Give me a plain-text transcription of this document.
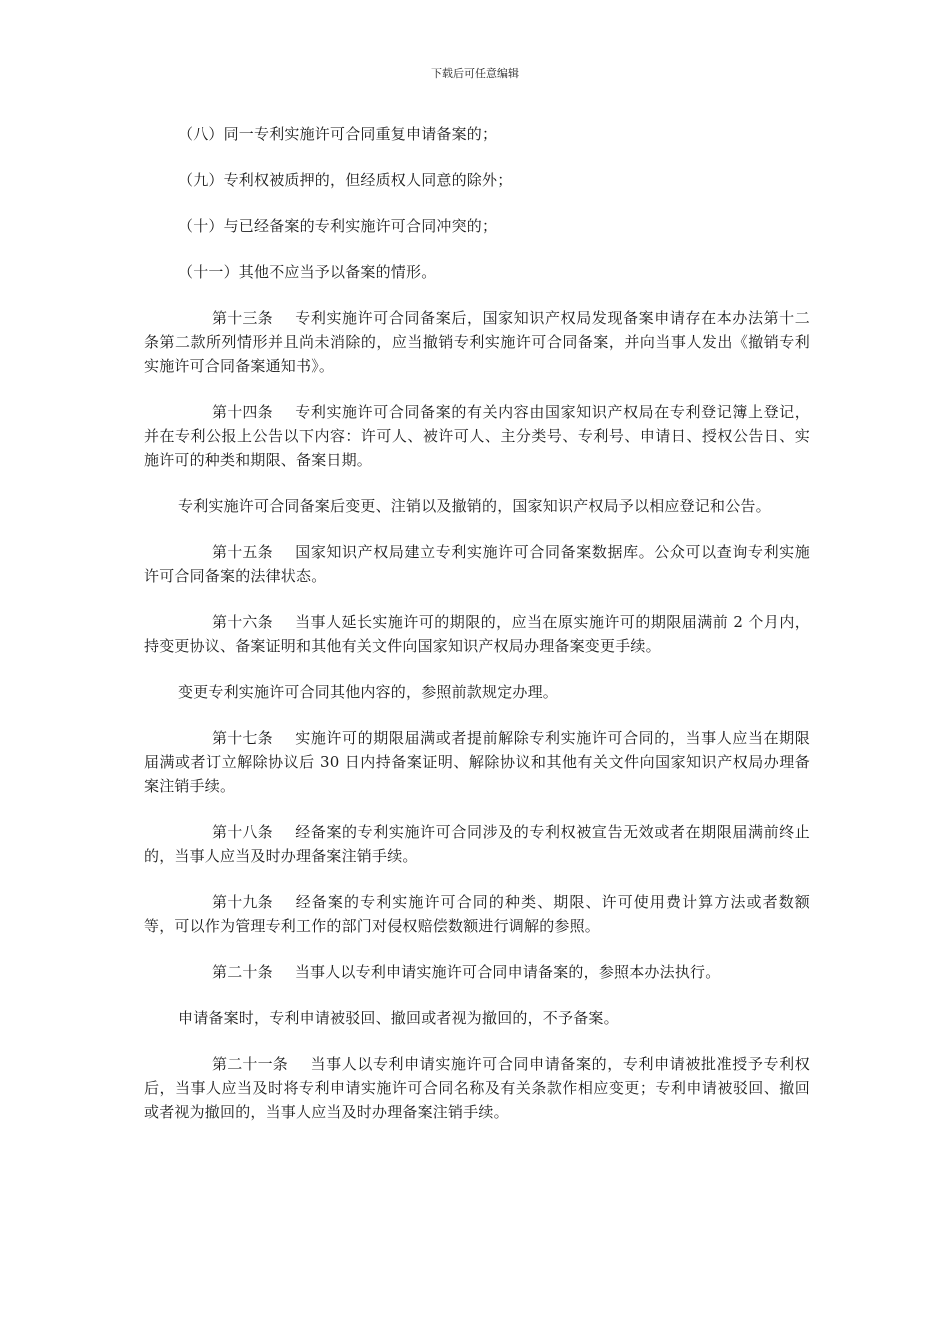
下载后可任意编辑

（八）同一专利实施许可合同重复申请备案的；

（九）专利权被质押的，但经质权人同意的除外；

（十）与已经备案的专利实施许可合同冲突的；

（十一）其他不应当予以备案的情形。

第十三条 专利实施许可合同备案后，国家知识产权局发现备案申请存在本办法第十二条第二款所列情形并且尚未消除的，应当撤销专利实施许可合同备案，并向当事人发出《撤销专利实施许可合同备案通知书》。

第十四条 专利实施许可合同备案的有关内容由国家知识产权局在专利登记簿上登记，并在专利公报上公告以下内容：许可人、被许可人、主分类号、专利号、申请日、授权公告日、实施许可的种类和期限、备案日期。

专利实施许可合同备案后变更、注销以及撤销的，国家知识产权局予以相应登记和公告。

第十五条 国家知识产权局建立专利实施许可合同备案数据库。公众可以查询专利实施许可合同备案的法律状态。

第十六条 当事人延长实施许可的期限的，应当在原实施许可的期限届满前 2 个月内，持变更协议、备案证明和其他有关文件向国家知识产权局办理备案变更手续。

变更专利实施许可合同其他内容的，参照前款规定办理。

第十七条 实施许可的期限届满或者提前解除专利实施许可合同的，当事人应当在期限届满或者订立解除协议后 30 日内持备案证明、解除协议和其他有关文件向国家知识产权局办理备案注销手续。

第十八条 经备案的专利实施许可合同涉及的专利权被宣告无效或者在期限届满前终止的，当事人应当及时办理备案注销手续。

第十九条 经备案的专利实施许可合同的种类、期限、许可使用费计算方法或者数额等，可以作为管理专利工作的部门对侵权赔偿数额进行调解的参照。

第二十条 当事人以专利申请实施许可合同申请备案的，参照本办法执行。

申请备案时，专利申请被驳回、撤回或者视为撤回的，不予备案。

第二十一条 当事人以专利申请实施许可合同申请备案的，专利申请被批准授予专利权后，当事人应当及时将专利申请实施许可合同名称及有关条款作相应变更；专利申请被驳回、撤回或者视为撤回的，当事人应当及时办理备案注销手续。
